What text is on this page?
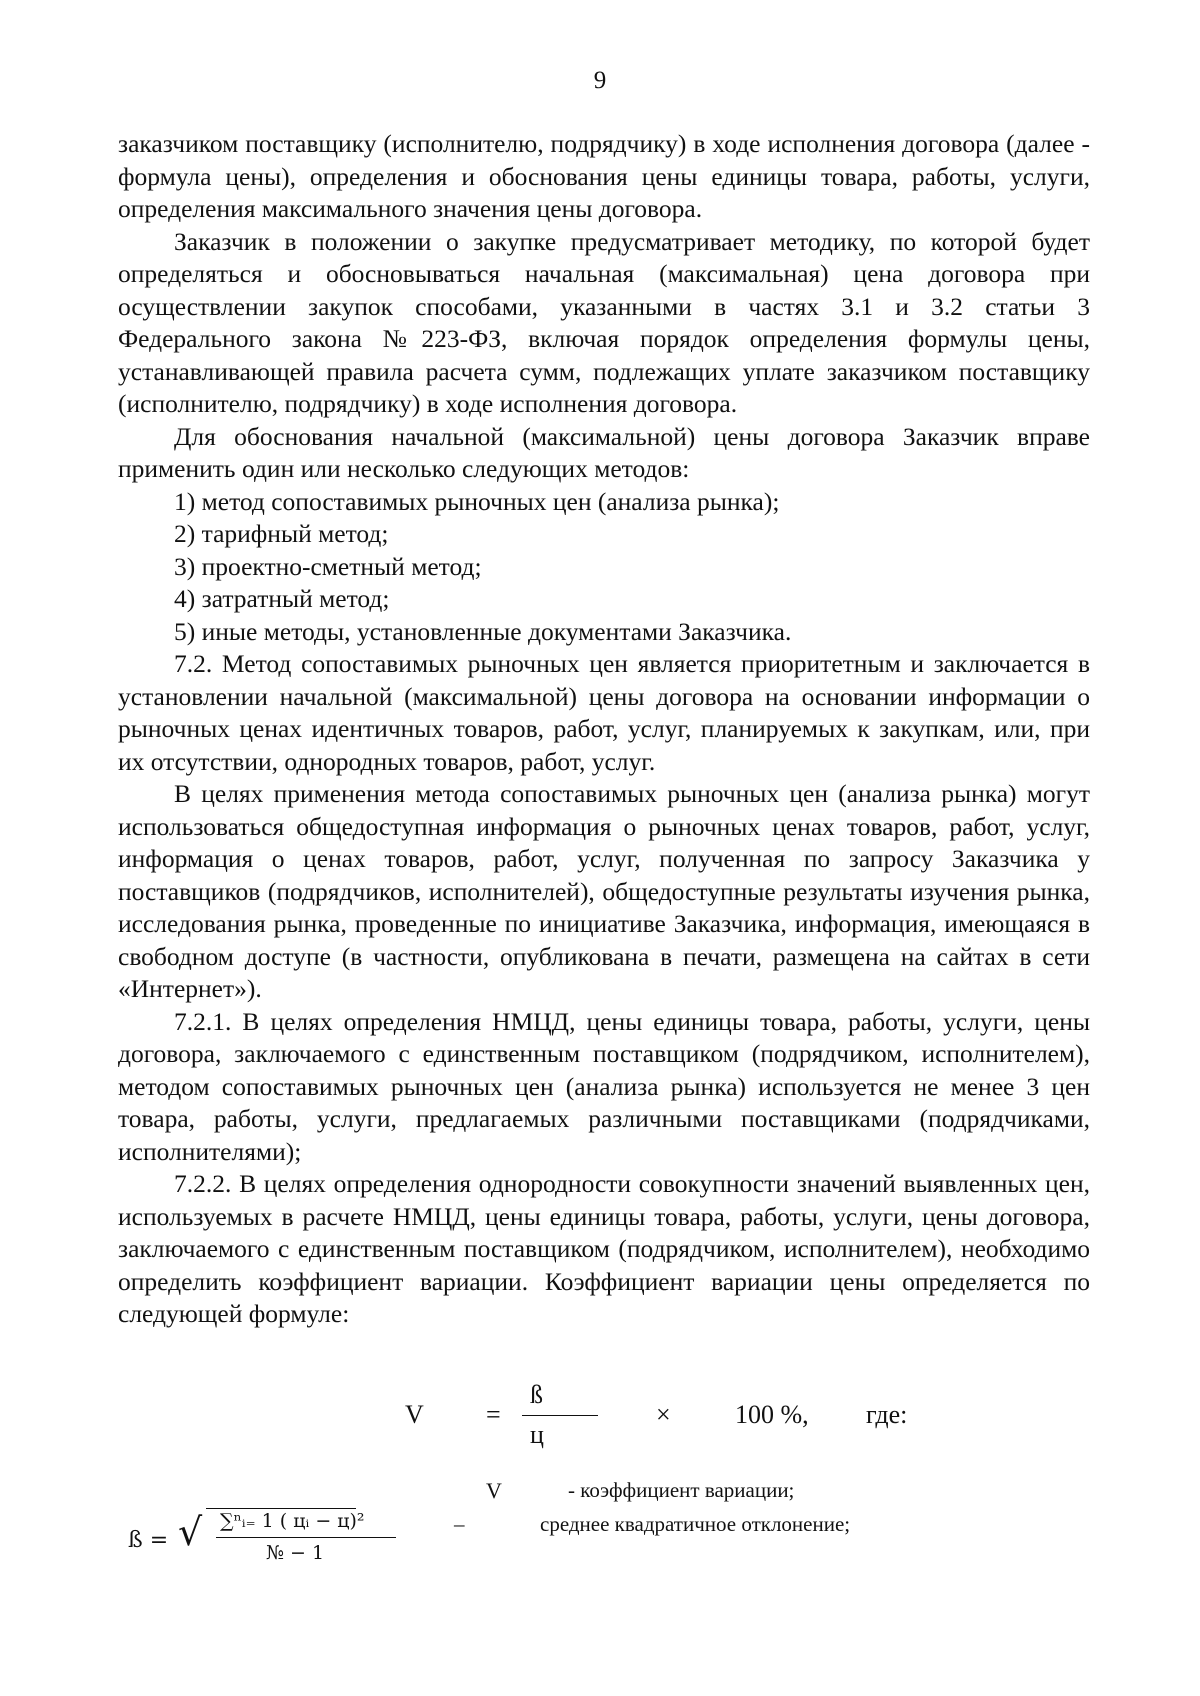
9

заказчиком поставщику (исполнителю, подрядчику) в ходе исполнения договора (далее - формула цены), определения и обоснования цены единицы товара, работы, услуги, определения максимального значения цены договора.

Заказчик в положении о закупке предусматривает методику, по которой будет определяться и обосновываться начальная (максимальная) цена договора при осуществлении закупок способами, указанными в частях 3.1 и 3.2 статьи 3 Федерального закона №223-ФЗ, включая порядок определения формулы цены, устанавливающей правила расчета сумм, подлежащих уплате заказчиком поставщику (исполнителю, подрядчику) в ходе исполнения договора.

Для обоснования начальной (максимальной) цены договора Заказчик вправе применить один или несколько следующих методов:

1) метод сопоставимых рыночных цен (анализа рынка);

2) тарифный метод;

3) проектно-сметный метод;

4) затратный метод;

5) иные методы, установленные документами Заказчика.

7.2. Метод сопоставимых рыночных цен является приоритетным и заключается в установлении начальной (максимальной) цены договора на основании информации о рыночных ценах идентичных товаров, работ, услуг, планируемых к закупкам, или, при их отсутствии, однородных товаров, работ, услуг.

В целях применения метода сопоставимых рыночных цен (анализа рынка) могут использоваться общедоступная информация о рыночных ценах товаров, работ, услуг, информация о ценах товаров, работ, услуг, полученная по запросу Заказчика у поставщиков (подрядчиков, исполнителей), общедоступные результаты изучения рынка, исследования рынка, проведенные по инициативе Заказчика, информация, имеющаяся в свободном доступе (в частности, опубликована в печати, размещена на сайтах в сети «Интернет»).

7.2.1. В целях определения НМЦД, цены единицы товара, работы, услуги, цены договора, заключаемого с единственным поставщиком (подрядчиком, исполнителем), методом сопоставимых рыночных цен (анализа рынка) используется не менее 3 цен товара, работы, услуги, предлагаемых различными поставщиками (подрядчиками, исполнителями);

7.2.2. В целях определения однородности совокупности значений выявленных цен, используемых в расчете НМЦД, цены единицы товара, работы, услуги, цены договора, заключаемого с единственным поставщиком (подрядчиком, исполнителем), необходимо определить коэффициент вариации. Коэффициент вариации цены определяется по следующей формуле:

V =
ß
ц
× 100 %, где:
V	- коэффициент вариации;
ß = √ ∑ⁿᵢ₌ 1 ( цᵢ − ц)²
№ − 1
–	среднее квадратичное отклонение;
